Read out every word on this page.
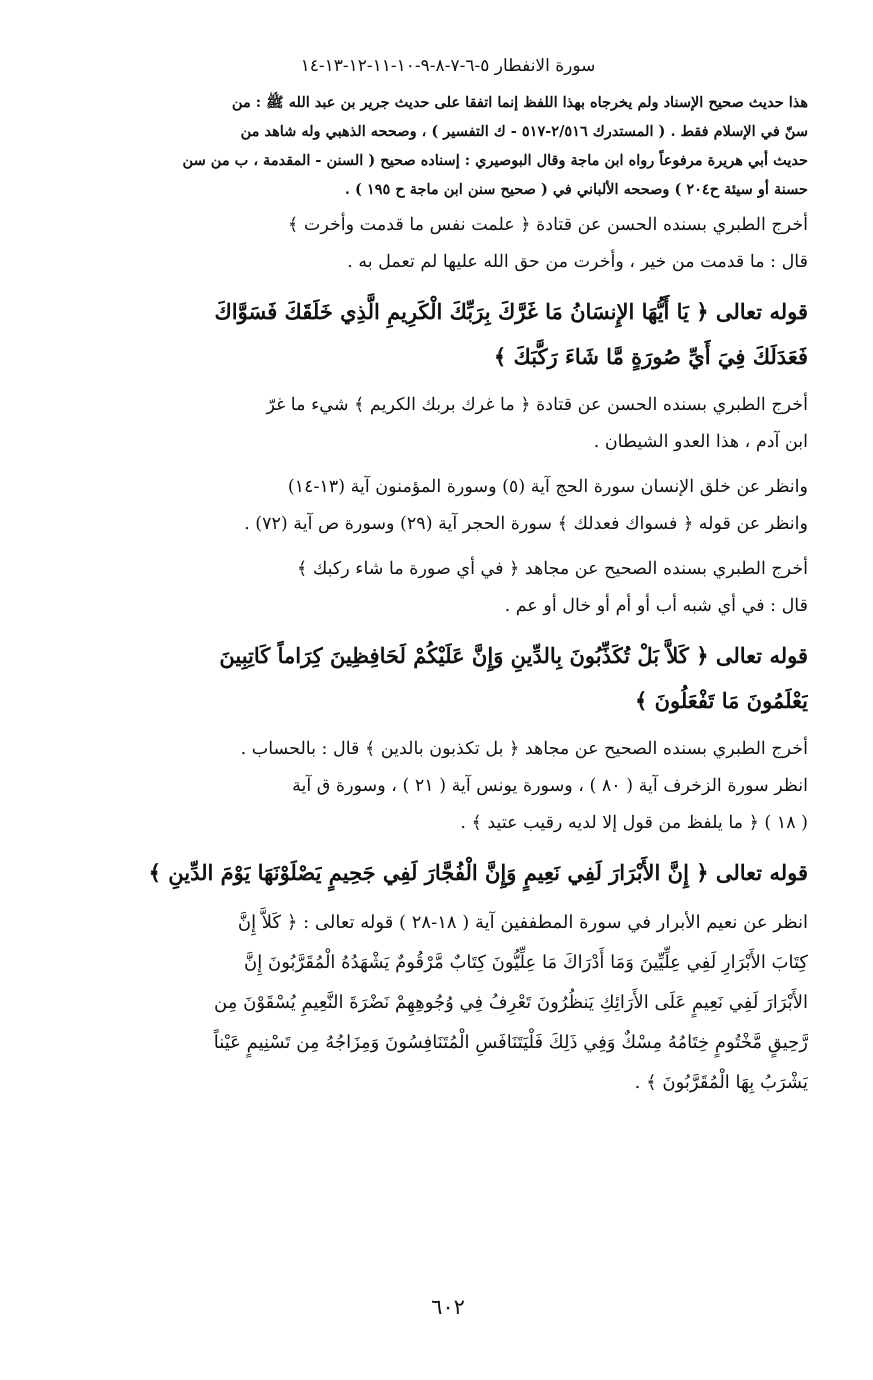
سورة الانفطار ٥-٦-٧-٨-٩-١٠-١١-١٢-١٣-١٤

هذا حديث صحيح الإسناد ولم يخرجاه بهذا اللفظ إنما اتفقا على حديث جرير بن عبد الله ﷺ : من
سنّ في الإسلام فقط . ( المستدرك ٢/٥١٦-٥١٧ - ك التفسير ) ، وصححه الذهبي وله شاهد من
حديث أبي هريرة مرفوعاً رواه ابن ماجة وقال البوصيري : إسناده صحيح ( السنن - المقدمة ، ب من سن
حسنة أو سيئة ح٢٠٤ ) وصححه الألباني في ( صحيح سنن ابن ماجة ح ١٩٥ ) .

أخرج الطبري بسنده الحسن عن قتادة ﴿ علمت نفس ما قدمت وأخرت ﴾
قال : ما قدمت من خير ، وأخرت من حق الله عليها لم تعمل به .

قوله تعالى ﴿ يَا أَيُّهَا الإِنسَانُ مَا غَرَّكَ بِرَبِّكَ الْكَرِيمِ الَّذِي خَلَقَكَ فَسَوَّاكَ
فَعَدَلَكَ فِيَ أَيِّ صُورَةٍ مَّا شَاءَ رَكَّبَكَ ﴾

أخرج الطبري بسنده الحسن عن قتادة ﴿ ما غرك بربك الكريم ﴾ شيء ما غرّ
ابن آدم ، هذا العدو الشيطان .

وانظر عن خلق الإنسان سورة الحج آية (٥) وسورة المؤمنون آية (١٣-١٤)
وانظر عن قوله ﴿ فسواك فعدلك ﴾ سورة الحجر آية (٢٩) وسورة ص آية (٧٢) .

أخرج الطبري بسنده الصحيح عن مجاهد ﴿ في أي صورة ما شاء ركبك ﴾
قال : في أي شبه أب أو أم أو خال أو عم .

قوله تعالى ﴿ كَلاَّ بَلْ تُكَذِّبُونَ بِالدِّينِ وَإِنَّ عَلَيْكُمْ لَحَافِظِينَ كِرَاماً كَاتِبِينَ
يَعْلَمُونَ مَا تَفْعَلُونَ ﴾

أخرج الطبري بسنده الصحيح عن مجاهد ﴿ بل تكذبون بالدين ﴾ قال : بالحساب .
انظر سورة الزخرف آية ( ٨٠ ) ، وسورة يونس آية ( ٢١ ) ، وسورة ق آية
( ١٨ ) ﴿ ما يلفظ من قول إلا لديه رقيب عتيد ﴾ .

قوله تعالى ﴿ إِنَّ الأَبْرَارَ لَفِي نَعِيمٍ وَإِنَّ الْفُجَّارَ لَفِي جَحِيمٍ يَصْلَوْنَهَا يَوْمَ الدِّينِ ﴾

انظر عن نعيم الأبرار في سورة المطففين آية ( ١٨-٢٨ ) قوله تعالى : ﴿ كَلاَّ إِنَّ
كِتَابَ الأَبْرَارِ لَفِي عِلِّيِّينَ وَمَا أَدْرَاكَ مَا عِلِّيُّونَ كِتَابٌ مَّرْقُومٌ يَشْهَدُهُ الْمُقَرَّبُونَ إِنَّ
الأَبْرَارَ لَفِي نَعِيمٍ عَلَى الأَرَائِكِ يَنظُرُونَ تَعْرِفُ فِي وُجُوهِهِمْ نَضْرَةَ النَّعِيمِ يُسْقَوْنَ مِن
رَّحِيقٍ مَّخْتُومٍ خِتَامُهُ مِسْكٌ وَفِي ذَلِكَ فَلْيَتَنَافَسِ الْمُتَنَافِسُونَ وَمِزَاجُهُ مِن تَسْنِيمٍ عَيْناً
يَشْرَبُ بِهَا الْمُقَرَّبُونَ ﴾ .

٦٠٢
